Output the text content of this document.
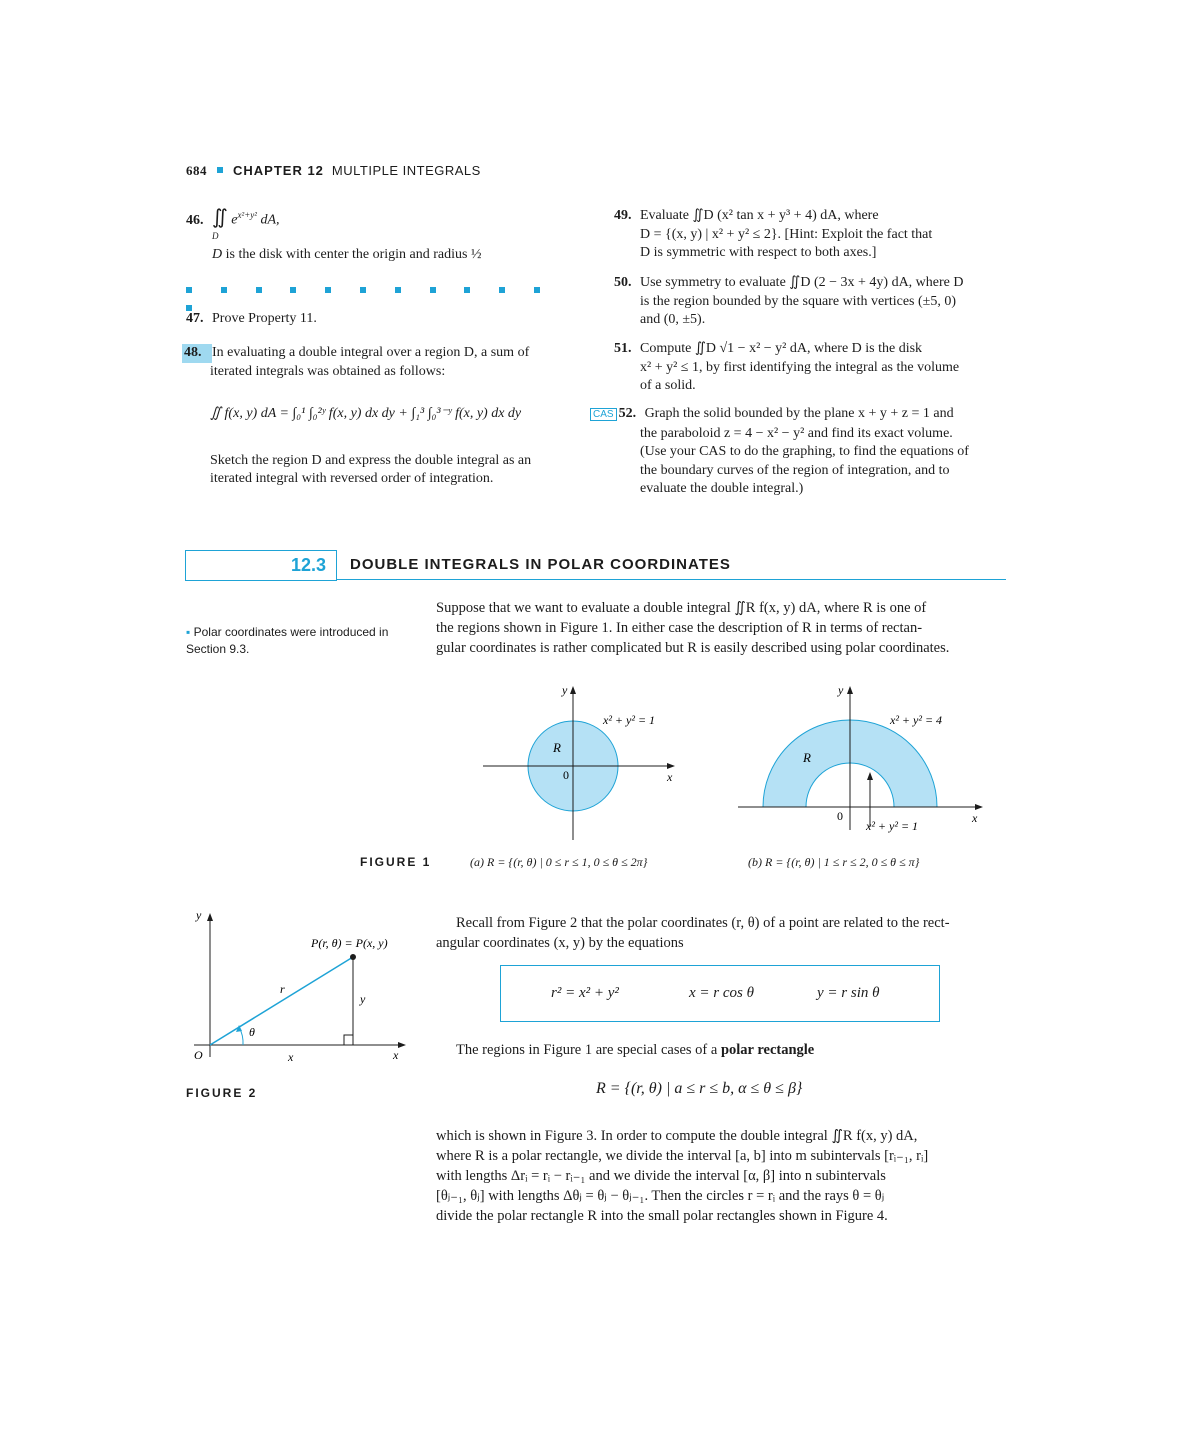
684 CHAPTER 12 MULTIPLE INTEGRALS

46. ∬ $e^{x^2+y^2}$ dA,

D

D is the disk with center the origin and radius ½

47. Prove Property 11.

48. In evaluating a double integral over a region D, a sum of

iterated integrals was obtained as follows:

∬ f(x, y) dA = ∫₀¹ ∫₀²ʸ f(x, y) dx dy + ∫₁³ ∫₀³⁻ʸ f(x, y) dx dy

Sketch the region D and express the double integral as an

iterated integral with reversed order of integration.

49. Evaluate ∬D (x² tan x + y³ + 4) dA, where

D = {(x, y) | x² + y² ≤ 2}. [Hint: Exploit the fact that

D is symmetric with respect to both axes.]

50. Use symmetry to evaluate ∬D (2 − 3x + 4y) dA, where D

is the region bounded by the square with vertices (±5, 0)

and (0, ±5).

51. Compute ∬D √1 − x² − y² dA, where D is the disk

x² + y² ≤ 1, by first identifying the integral as the volume

of a solid.

CAS 52. Graph the solid bounded by the plane x + y + z = 1 and

the paraboloid z = 4 − x² − y² and find its exact volume.

(Use your CAS to do the graphing, to find the equations of

the boundary curves of the region of integration, and to

evaluate the double integral.)

12.3 DOUBLE INTEGRALS IN POLAR COORDINATES
▪ Polar coordinates were introduced in
Section 9.3.
Suppose that we want to evaluate a double integral ∬R f(x, y) dA, where R is one of
the regions shown in Figure 1. In either case the description of R in terms of rectan-
gular coordinates is rather complicated but R is easily described using polar coordinates.
y
x
0
R
x² + y² = 1
y
x
0
R
x² + y² = 4
x² + y² = 1
FIGURE 1	(a) R = {(r, θ) | 0 ≤ r ≤ 1, 0 ≤ θ ≤ 2π}	(b) R = {(r, θ) | 1 ≤ r ≤ 2, 0 ≤ θ ≤ π}
y
x
O
P(r, θ) = P(x, y)
r
y
x
θ
FIGURE 2
Recall from Figure 2 that the polar coordinates (r, θ) of a point are related to the rect-
angular coordinates (x, y) by the equations
r² = x² + y²	x = r cos θ	y = r sin θ
The regions in Figure 1 are special cases of a polar rectangle
R = {(r, θ) | a ≤ r ≤ b, α ≤ θ ≤ β}
which is shown in Figure 3. In order to compute the double integral ∬R f(x, y) dA,
where R is a polar rectangle, we divide the interval [a, b] into m subintervals [rᵢ₋₁, rᵢ]
with lengths Δrᵢ = rᵢ − rᵢ₋₁ and we divide the interval [α, β] into n subintervals
[θⱼ₋₁, θⱼ] with lengths Δθⱼ = θⱼ − θⱼ₋₁. Then the circles r = rᵢ and the rays θ = θⱼ
divide the polar rectangle R into the small polar rectangles shown in Figure 4.
